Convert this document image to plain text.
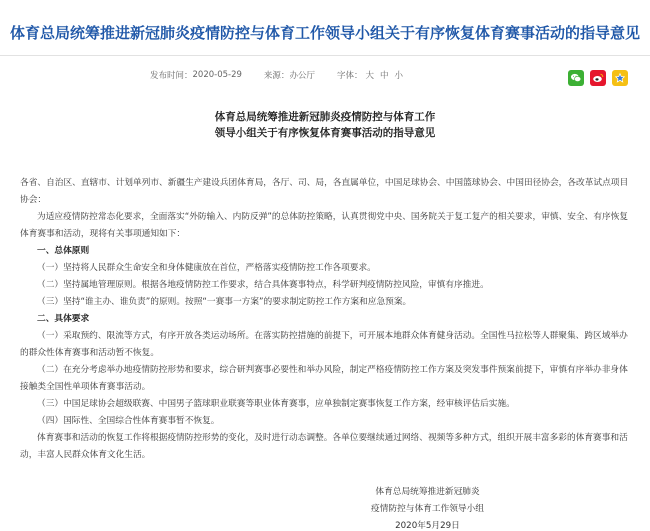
体育总局统筹推进新冠肺炎疫情防控与体育工作领导小组关于有序恢复体育赛事活动的指导意见
发布时间： 2020-05-29	来源： 办公厅	字体： 大 中 小
体育总局统筹推进新冠肺炎疫情防控与体育工作
领导小组关于有序恢复体育赛事活动的指导意见

各省、自治区、直辖市、计划单列市、新疆生产建设兵团体育局，各厅、司、局，各直属单位，中国足球协会、中国篮球协会、中国田径协会，各改革试点项目协会：

为适应疫情防控常态化要求，全面落实“外防输入、内防反弹”的总体防控策略，认真贯彻党中央、国务院关于复工复产的相关要求，审慎、安全、有序恢复体育赛事和活动，现将有关事项通知如下：

一、总体原则

（一）坚持将人民群众生命安全和身体健康放在首位，严格落实疫情防控工作各项要求。

（二）坚持属地管理原则。根据各地疫情防控工作要求，结合具体赛事特点，科学研判疫情防控风险，审慎有序推进。

（三）坚持“谁主办、谁负责”的原则。按照“一赛事一方案”的要求制定防控工作方案和应急预案。

二、具体要求

（一）采取预约、限流等方式，有序开放各类运动场所。在落实防控措施的前提下，可开展本地群众体育健身活动。全国性马拉松等人群聚集、跨区域举办的群众性体育赛事和活动暂不恢复。

（二）在充分考虑举办地疫情防控形势和要求，综合研判赛事必要性和举办风险，制定严格疫情防控工作方案及突发事件预案前提下，审慎有序举办非身体接触类全国性单项体育赛事活动。

（三）中国足球协会超级联赛、中国男子篮球职业联赛等职业体育赛事，应单独制定赛事恢复工作方案，经审核评估后实施。

（四）国际性、全国综合性体育赛事暂不恢复。

体育赛事和活动的恢复工作将根据疫情防控形势的变化，及时进行动态调整。各单位要继续通过网络、视频等多种方式，组织开展丰富多彩的体育赛事和活动，丰富人民群众体育文化生活。

体育总局统筹推进新冠肺炎
疫情防控与体育工作领导小组
2020年5月29日
